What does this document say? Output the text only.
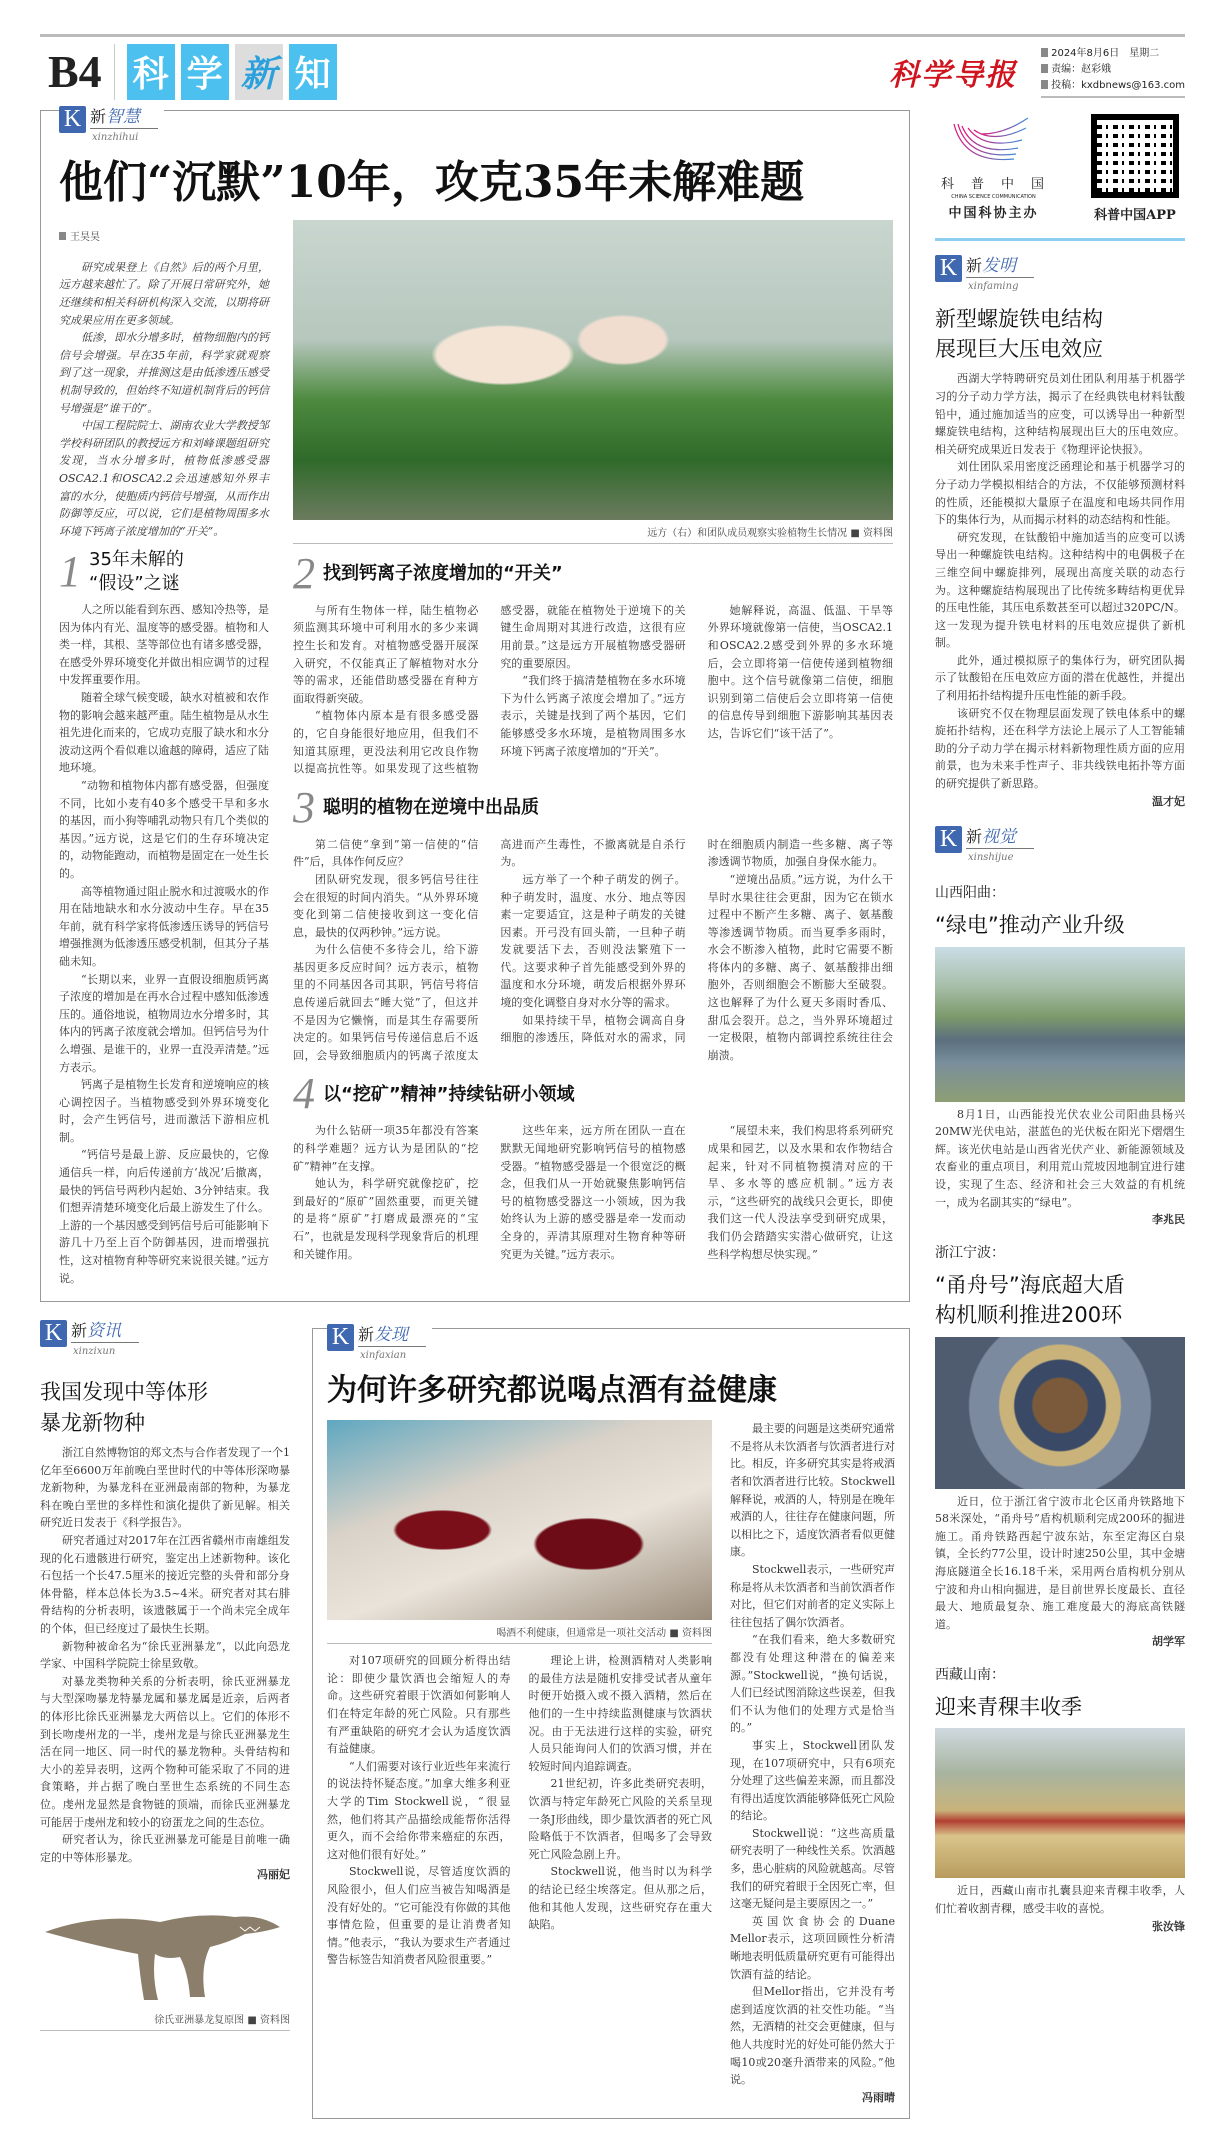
B4 科 学 新 知	科学导报
2024年8月6日　星期二
责编：赵彩娥
投稿：kxdbnews@163.com
K 新智慧
xinzhihui
他们“沉默”10年，攻克35年未解难题
王昊昊

研究成果登上《自然》后的两个月里，远方越来越忙了。除了开展日常研究外，她还继续和相关科研机构深入交流，以期将研究成果应用在更多领域。

低渗，即水分增多时，植物细胞内的钙信号会增强。早在35年前，科学家就观察到了这一现象，并推测这是由低渗透压感受机制导致的，但始终不知道机制背后的钙信号增强是“谁干的”。

中国工程院院士、湖南农业大学教授邹学校科研团队的教授远方和刘峰课题组研究发现，当水分增多时，植物低渗感受器OSCA2.1和OSCA2.2会迅速感知外界丰富的水分，使胞质内钙信号增强，从而作出防御等反应，可以说，它们是植物周围多水环境下钙离子浓度增加的“开关”。

1 35年未解的
“假设”之谜

人之所以能看到东西、感知冷热等，是因为体内有光、温度等的感受器。植物和人类一样，其根、茎等部位也有诸多感受器，在感受外界环境变化并做出相应调节的过程中发挥重要作用。

随着全球气候变暖，缺水对植被和农作物的影响会越来越严重。陆生植物是从水生祖先进化而来的，它成功克服了缺水和水分波动这两个看似难以逾越的障碍，适应了陆地环境。

“动物和植物体内都有感受器，但强度不同，比如小麦有40多个感受干旱和多水的基因，而小狗等哺乳动物只有几个类似的基因。”远方说，这是它们的生存环境决定的，动物能跑动，而植物是固定在一处生长的。

高等植物通过阻止脱水和过渡吸水的作用在陆地缺水和水分波动中生存。早在35年前，就有科学家将低渗透压诱导的钙信号增强推测为低渗透压感受机制，但其分子基础未知。

“长期以来，业界一直假设细胞质钙离子浓度的增加是在再水合过程中感知低渗透压的。通俗地说，植物周边水分增多时，其体内的钙离子浓度就会增加。但钙信号为什么增强、是谁干的，业界一直没弄清楚。”远方表示。

钙离子是植物生长发育和逆境响应的核心调控因子。当植物感受到外界环境变化时，会产生钙信号，进而激活下游相应机制。

“钙信号是最上游、反应最快的，它像通信兵一样，向后传递前方‘战况’后撤离，最快的钙信号两秒内起始、3分钟结束。我们想弄清楚环境变化后最上游发生了什么。上游的一个基因感受到钙信号后可能影响下游几十乃至上百个防御基因，进而增强抗性，这对植物育种等研究来说很关键。”远方说。

远方（右）和团队成员观察实验植物生长情况 ■ 资料图
2 找到钙离子浓度增加的“开关”

与所有生物体一样，陆生植物必须监测其环境中可利用水的多少来调控生长和发育。对植物感受器开展深入研究，不仅能真正了解植物对水分等的需求，还能借助感受器在育种方面取得新突破。

“植物体内原本是有很多感受器的，它自身能很好地应用，但我们不知道其原理，更没法利用它改良作物以提高抗性等。如果发现了这些植物感受器，就能在植物处于逆境下的关键生命周期对其进行改造，这很有应用前景。”这是远方开展植物感受器研究的重要原因。

“我们终于搞清楚植物在多水环境下为什么钙离子浓度会增加了。”远方表示，关键是找到了两个基因，它们能够感受多水环境，是植物周围多水环境下钙离子浓度增加的“开关”。

她解释说，高温、低温、干旱等外界环境就像第一信使，当OSCA2.1和OSCA2.2感受到外界的多水环境后，会立即将第一信使传递到植物细胞中。这个信号就像第二信使，细胞识别到第二信使后会立即将第一信使的信息传导到细胞下游影响其基因表达，告诉它们“该干活了”。

3 聪明的植物在逆境中出品质

第二信使“拿到”第一信使的“信件”后，具体作何反应？

团队研究发现，很多钙信号往往会在很短的时间内消失。“从外界环境变化到第二信使接收到这一变化信息，最快的仅两秒钟。”远方说。

为什么信使不多待会儿，给下游基因更多反应时间？远方表示，植物里的不同基因各司其职，钙信号将信息传递后就回去“睡大觉”了，但这并不是因为它懒惰，而是其生存需要所决定的。如果钙信号传递信息后不返回，会导致细胞质内的钙离子浓度太高进而产生毒性，不撤离就是自杀行为。

远方举了一个种子萌发的例子。种子萌发时，温度、水分、地点等因素一定要适宜，这是种子萌发的关键因素。开弓没有回头箭，一旦种子萌发就要活下去，否则没法繁殖下一代。这要求种子首先能感受到外界的温度和水分环境，萌发后根据外界环境的变化调整自身对水分等的需求。

如果持续干旱，植物会调高自身细胞的渗透压，降低对水的需求，同时在细胞质内制造一些多糖、离子等渗透调节物质，加强自身保水能力。

“逆境出品质。”远方说，为什么干旱时水果往往会更甜，因为它在锁水过程中不断产生多糖、离子、氨基酸等渗透调节物质。而当夏季多雨时，水会不断渗入植物，此时它需要不断将体内的多糖、离子、氨基酸排出细胞外，否则细胞会不断膨大至破裂。这也解释了为什么夏天多雨时香瓜、甜瓜会裂开。总之，当外界环境超过一定极限，植物内部调控系统往往会崩溃。

4 以“挖矿”精神”持续钻研小领域

为什么钻研一项35年都没有答案的科学难题？远方认为是团队的“挖矿”精神”在支撑。

她认为，科学研究就像挖矿，挖到最好的“原矿”固然重要，而更关键的是将“原矿”打磨成最漂亮的“宝石”，也就是发现科学现象背后的机理和关键作用。

这些年来，远方所在团队一直在默默无闻地研究影响钙信号的植物感受器。“植物感受器是一个很宽泛的概念，但我们从一开始就聚焦影响钙信号的植物感受器这一小领域，因为我始终认为上游的感受器是牵一发而动全身的，弄清其原理对生物育种等研究更为关键。”远方表示。

“展望未来，我们构思将系列研究成果和园艺，以及水果和农作物结合起来，针对不同植物摸清对应的干旱、多水等的感应机制。”远方表示，“这些研究的战线只会更长，即使我们这一代人没法享受到研究成果，我们仍会踏踏实实潜心做研究，让这些科学构想尽快实现。”

K 新资讯
xinzixun
我国发现中等体形
暴龙新物种

浙江自然博物馆的郑文杰与合作者发现了一个1亿年至6600万年前晚白垩世时代的中等体形深吻暴龙新物种，为暴龙科在亚洲最南部的物种，为暴龙科在晚白垩世的多样性和演化提供了新见解。相关研究近日发表于《科学报告》。

研究者通过对2017年在江西省赣州市南雄组发现的化石遗骸进行研究，鉴定出上述新物种。该化石包括一个长47.5厘米的接近完整的头骨和部分身体骨骼，样本总体长为3.5~4米。研究者对其右腓骨结构的分析表明，该遗骸属于一个尚未完全成年的个体，但已经度过了最快生长期。

新物种被命名为“徐氏亚洲暴龙”，以此向恐龙学家、中国科学院院士徐星致敬。

对暴龙类物种关系的分析表明，徐氏亚洲暴龙与大型深吻暴龙特暴龙属和暴龙属是近亲，后两者的体形比徐氏亚洲暴龙大两倍以上。它们的体形不到长吻虔州龙的一半，虔州龙是与徐氏亚洲暴龙生活在同一地区、同一时代的暴龙物种。头骨结构和大小的差异表明，这两个物种可能采取了不同的进食策略，并占据了晚白垩世生态系统的不同生态位。虔州龙显然是食物链的顶端，而徐氏亚洲暴龙可能居于虔州龙和较小的窃蛋龙之间的生态位。

研究者认为，徐氏亚洲暴龙可能是目前唯一确定的中等体形暴龙。

冯丽妃

徐氏亚洲暴龙复原图 ■ 资料图
K 新发现
xinfaxian
为何许多研究都说喝点酒有益健康
喝酒不利健康，但通常是一项社交活动 ■ 资料图

对107项研究的回顾分析得出结论：即使少量饮酒也会缩短人的寿命。这些研究着眼于饮酒如何影响人们在特定年龄的死亡风险。只有那些有严重缺陷的研究才会认为适度饮酒有益健康。

“人们需要对该行业近些年来流行的说法持怀疑态度。”加拿大维多利亚大学的Tim Stockwell说，“很显然，他们将其产品描绘成能帮你活得更久，而不会给你带来癌症的东西，这对他们很有好处。”

Stockwell说，尽管适度饮酒的风险很小，但人们应当被告知喝酒是没有好处的。“它可能没有你做的其他事情危险，但重要的是让消费者知情。”他表示，“我认为要求生产者通过警告标签告知消费者风险很重要。”

理论上讲，检测酒精对人类影响的最佳方法是随机安排受试者从童年时便开始摄入或不摄入酒精，然后在他们的一生中持续监测健康与饮酒状况。由于无法进行这样的实验，研究人员只能询问人们的饮酒习惯，并在较短时间内追踪调查。

21世纪初，许多此类研究表明，饮酒与特定年龄死亡风险的关系呈现一条J形曲线，即少量饮酒者的死亡风险略低于不饮酒者，但喝多了会导致死亡风险急剧上升。

Stockwell说，他当时以为科学的结论已经尘埃落定。但从那之后，他和其他人发现，这些研究存在重大缺陷。

最主要的问题是这类研究通常不是将从未饮酒者与饮酒者进行对比。相反，许多研究其实是将戒酒者和饮酒者进行比较。Stockwell解释说，戒酒的人，特别是在晚年戒酒的人，往往存在健康问题，所以相比之下，适度饮酒者看似更健康。

Stockwell表示，一些研究声称是将从未饮酒者和当前饮酒者作对比，但它们对前者的定义实际上往往包括了偶尔饮酒者。

“在我们看来，绝大多数研究都没有处理这种潜在的偏差来源。”Stockwell说，“换句话说，人们已经试图消除这些误差，但我们不认为他们的处理方式是恰当的。”

事实上，Stockwell团队发现，在107项研究中，只有6项充分处理了这些偏差来源，而且都没有得出适度饮酒能够降低死亡风险的结论。

Stockwell说：“这些高质量研究表明了一种线性关系。饮酒越多，患心脏病的风险就越高。尽管我们的研究着眼于全因死亡率，但这毫无疑问是主要原因之一。”

英国饮食协会的Duane Mellor表示，这项回顾性分析清晰地表明低质量研究更有可能得出饮酒有益的结论。

但Mellor指出，它并没有考虑到适度饮酒的社交性功能。“当然，无酒精的社交会更健康，但与他人共度时光的好处可能仍然大于喝10或20毫升酒带来的风险。”他说。

冯雨晴

科　普　中　国
CHINA SCIENCE COMMUNICATION
中国科协主办	科普中国APP
K 新发明
xinfaming
新型螺旋铁电结构
展现巨大压电效应

西湖大学特聘研究员刘仕团队利用基于机器学习的分子动力学方法，揭示了在经典铁电材料钛酸铅中，通过施加适当的应变，可以诱导出一种新型螺旋铁电结构，这种结构展现出巨大的压电效应。相关研究成果近日发表于《物理评论快报》。

刘仕团队采用密度泛函理论和基于机器学习的分子动力学模拟相结合的方法，不仅能够预测材料的性质，还能模拟大量原子在温度和电场共同作用下的集体行为，从而揭示材料的动态结构和性能。

研究发现，在钛酸铅中施加适当的应变可以诱导出一种螺旋铁电结构。这种结构中的电偶极子在三维空间中螺旋排列，展现出高度关联的动态行为。这种螺旋结构展现出了比传统多畴结构更优异的压电性能，其压电系数甚至可以超过320PC/N。这一发现为提升铁电材料的压电效应提供了新机制。

此外，通过模拟原子的集体行为，研究团队揭示了钛酸铅在压电效应方面的潜在优越性，并提出了利用拓扑结构提升压电性能的新手段。

该研究不仅在物理层面发现了铁电体系中的螺旋拓扑结构，还在科学方法论上展示了人工智能辅助的分子动力学在揭示材料新物理性质方面的应用前景，也为未来手性声子、非共线铁电拓扑等方面的研究提供了新思路。

温才妃

K 新视觉
xinshijue
山西阳曲：
“绿电”推动产业升级

8月1日，山西能投光伏农业公司阳曲县杨兴20MW光伏电站，湛蓝色的光伏板在阳光下熠熠生辉。该光伏电站是山西省光伏产业、新能源领域及农畜业的重点项目，利用荒山荒坡因地制宜进行建设，实现了生态、经济和社会三大效益的有机统一，成为名副其实的“绿电”。

李兆民

浙江宁波：
“甬舟号”海底超大盾
构机顺利推进200环

近日，位于浙江省宁波市北仑区甬舟铁路地下58米深处，“甬舟号”盾构机顺利完成200环的掘进施工。甬舟铁路西起宁波东站，东至定海区白泉镇，全长约77公里，设计时速250公里，其中金塘海底隧道全长16.18千米，采用两台盾构机分别从宁波和舟山相向掘进，是目前世界长度最长、直径最大、地质最复杂、施工难度最大的海底高铁隧道。

胡学军

西藏山南：
迎来青稞丰收季

近日，西藏山南市扎囊县迎来青稞丰收季，人们忙着收割青稞，感受丰收的喜悦。

张汝锋
